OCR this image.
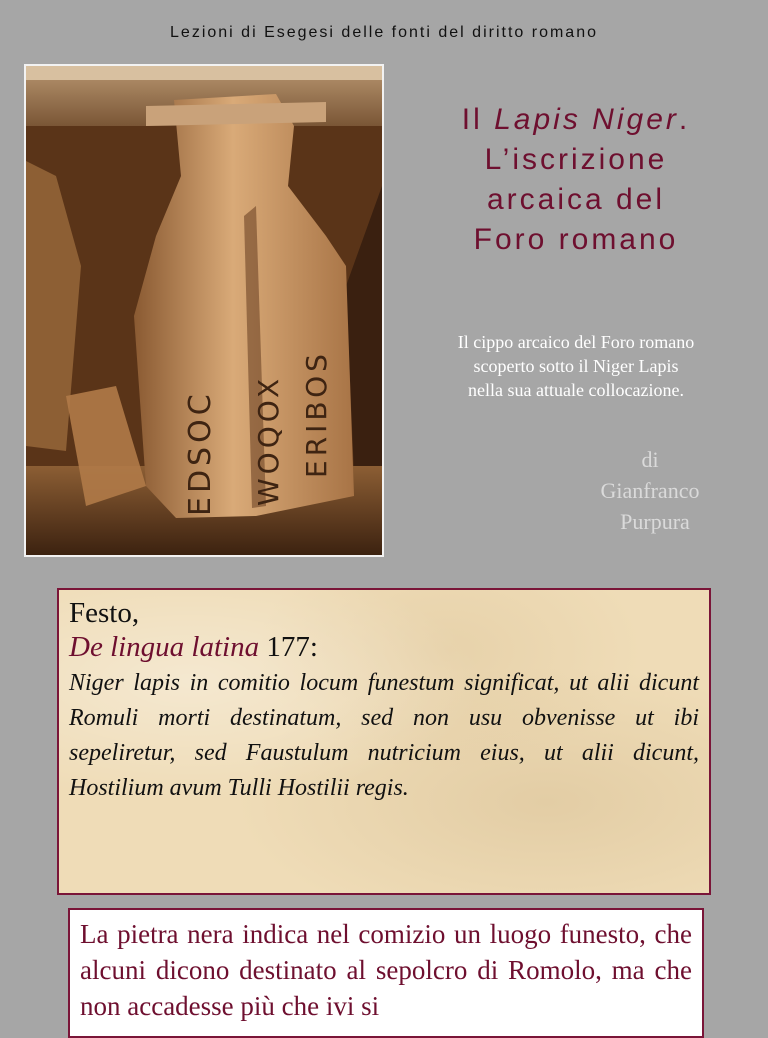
Lezioni di Esegesi delle fonti del diritto romano
EDSOC WOQOX ERIBOS
Il Lapis Niger.
L’iscrizione
arcaica del
Foro romano
Il cippo arcaico del Foro romano
scoperto sotto il Niger Lapis
nella sua attuale collocazione.
di
Gianfranco
Purpura
Festo,
De lingua latina 177:
Niger lapis in comitio locum funestum significat, ut alii dicunt Romuli morti destinatum, sed non usu obvenisse ut ibi sepeliretur, sed Faustulum nutricium eius, ut alii dicunt, Hostilium avum Tulli Hostilii regis.
La pietra nera indica nel comizio un luogo funesto, che alcuni dicono destinato al sepolcro di Romolo, ma che non accadesse più che ivi si
